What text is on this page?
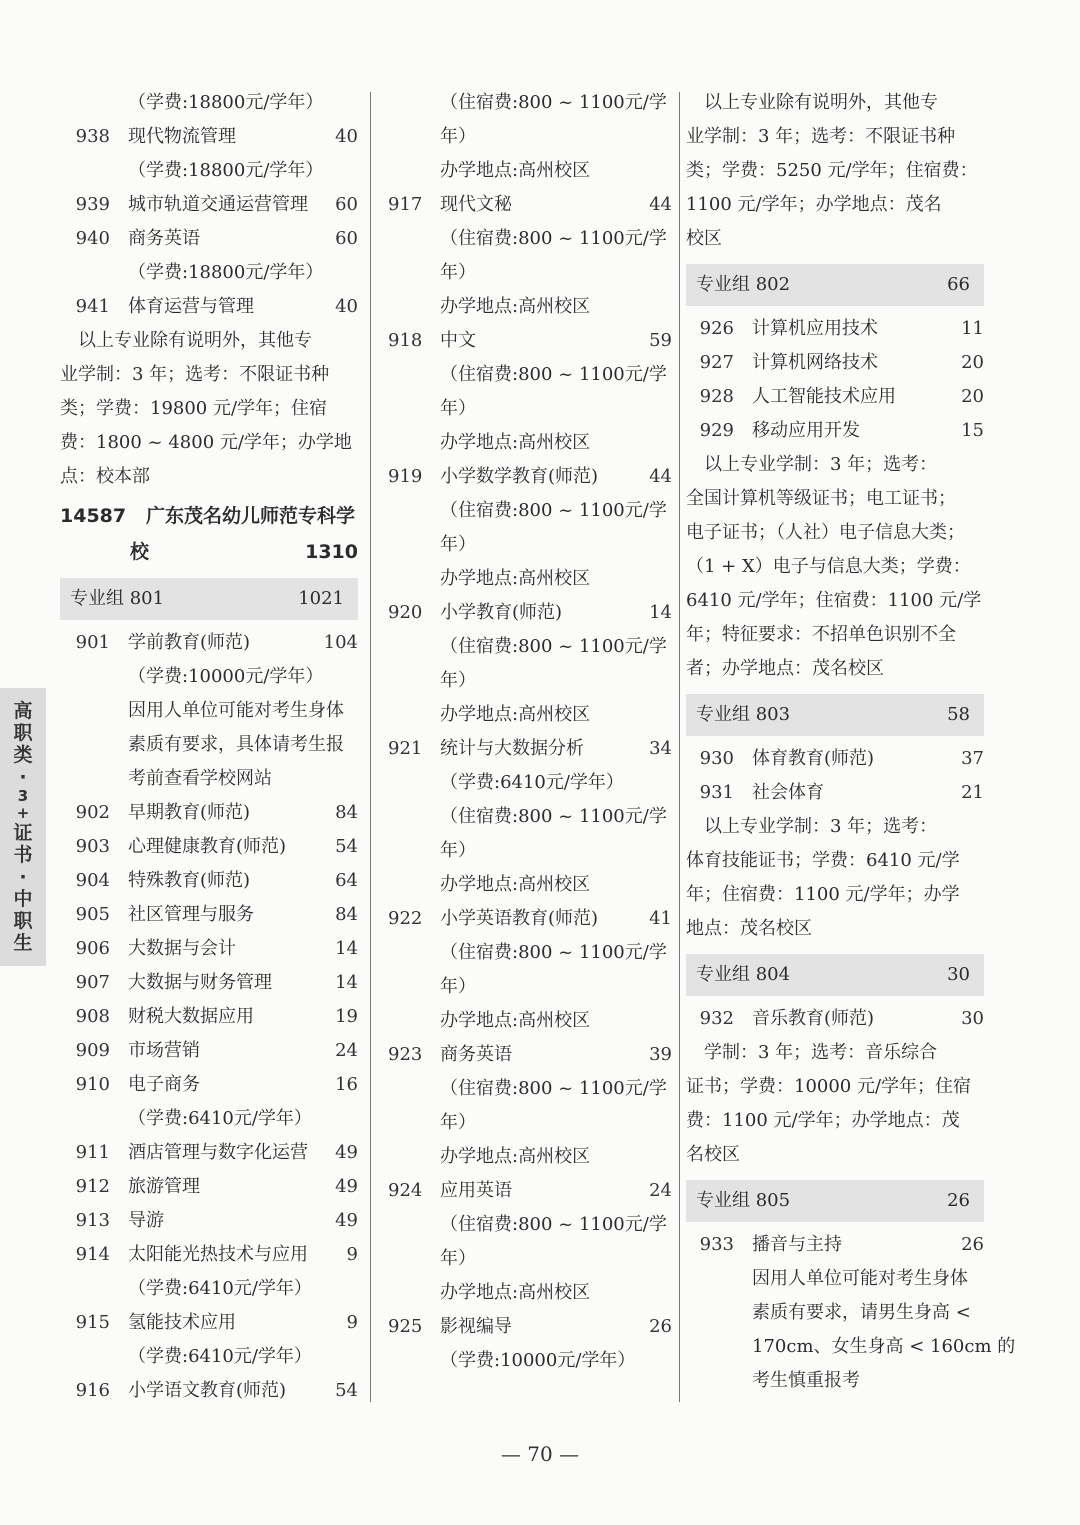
高
职
类
·
3
+
证
书
·
中
职
生
（学费:18800元/学年）
938	现代物流管理	40
（学费:18800元/学年）
939	城市轨道交通运营管理	60
940	商务英语	60
（学费:18800元/学年）
941	体育运营与管理	40
　以上专业除有说明外，其他专
业学制：3 年；选考：不限证书种
类；学费：19800 元/学年；住宿
费：1800 ~ 4800 元/学年；办学地
点：校本部
14587 广东茂名幼儿师范专科学
校	1310
专业组 801	1021
901	学前教育(师范)	104
（学费:10000元/学年）
因用人单位可能对考生身体
素质有要求，具体请考生报
考前查看学校网站
902	早期教育(师范)	84
903	心理健康教育(师范)	54
904	特殊教育(师范)	64
905	社区管理与服务	84
906	大数据与会计	14
907	大数据与财务管理	14
908	财税大数据应用	19
909	市场营销	24
910	电子商务	16
（学费:6410元/学年）
911	酒店管理与数字化运营	49
912	旅游管理	49
913	导游	49
914	太阳能光热技术与应用	9
（学费:6410元/学年）
915	氢能技术应用	9
（学费:6410元/学年）
916	小学语文教育(师范)	54
（住宿费:800 ~ 1100元/学
年）
办学地点:高州校区
917 现代文秘	44
（住宿费:800 ~ 1100元/学
年）
办学地点:高州校区
918 中文	59
（住宿费:800 ~ 1100元/学
年）
办学地点:高州校区
919 小学数学教育(师范)	44
（住宿费:800 ~ 1100元/学
年）
办学地点:高州校区
920 小学教育(师范)	14
（住宿费:800 ~ 1100元/学
年）
办学地点:高州校区
921 统计与大数据分析	34
（学费:6410元/学年）
（住宿费:800 ~ 1100元/学
年）
办学地点:高州校区
922 小学英语教育(师范)	41
（住宿费:800 ~ 1100元/学
年）
办学地点:高州校区
923 商务英语	39
（住宿费:800 ~ 1100元/学
年）
办学地点:高州校区
924 应用英语	24
（住宿费:800 ~ 1100元/学
年）
办学地点:高州校区
925 影视编导	26
（学费:10000元/学年）
　以上专业除有说明外，其他专
业学制：3 年；选考：不限证书种
类；学费：5250 元/学年；住宿费：
1100 元/学年；办学地点：茂名
校区
专业组 802	66
926	计算机应用技术	11
927	计算机网络技术	20
928	人工智能技术应用	20
929	移动应用开发	15
　以上专业学制：3 年；选考：
全国计算机等级证书；电工证书；
电子证书；（人社）电子信息大类；
（1 + X）电子与信息大类；学费：
6410 元/学年；住宿费：1100 元/学
年；特征要求：不招单色识别不全
者；办学地点：茂名校区
专业组 803	58
930	体育教育(师范)	37
931	社会体育	21
　以上专业学制：3 年；选考：
体育技能证书；学费：6410 元/学
年；住宿费：1100 元/学年；办学
地点：茂名校区
专业组 804	30
932	音乐教育(师范)	30
　学制：3 年；选考：音乐综合
证书；学费：10000 元/学年；住宿
费：1100 元/学年；办学地点：茂
名校区
专业组 805	26
933	播音与主持	26
因用人单位可能对考生身体
素质有要求，请男生身高 <
170cm、女生身高 < 160cm 的
考生慎重报考
— 70 —
